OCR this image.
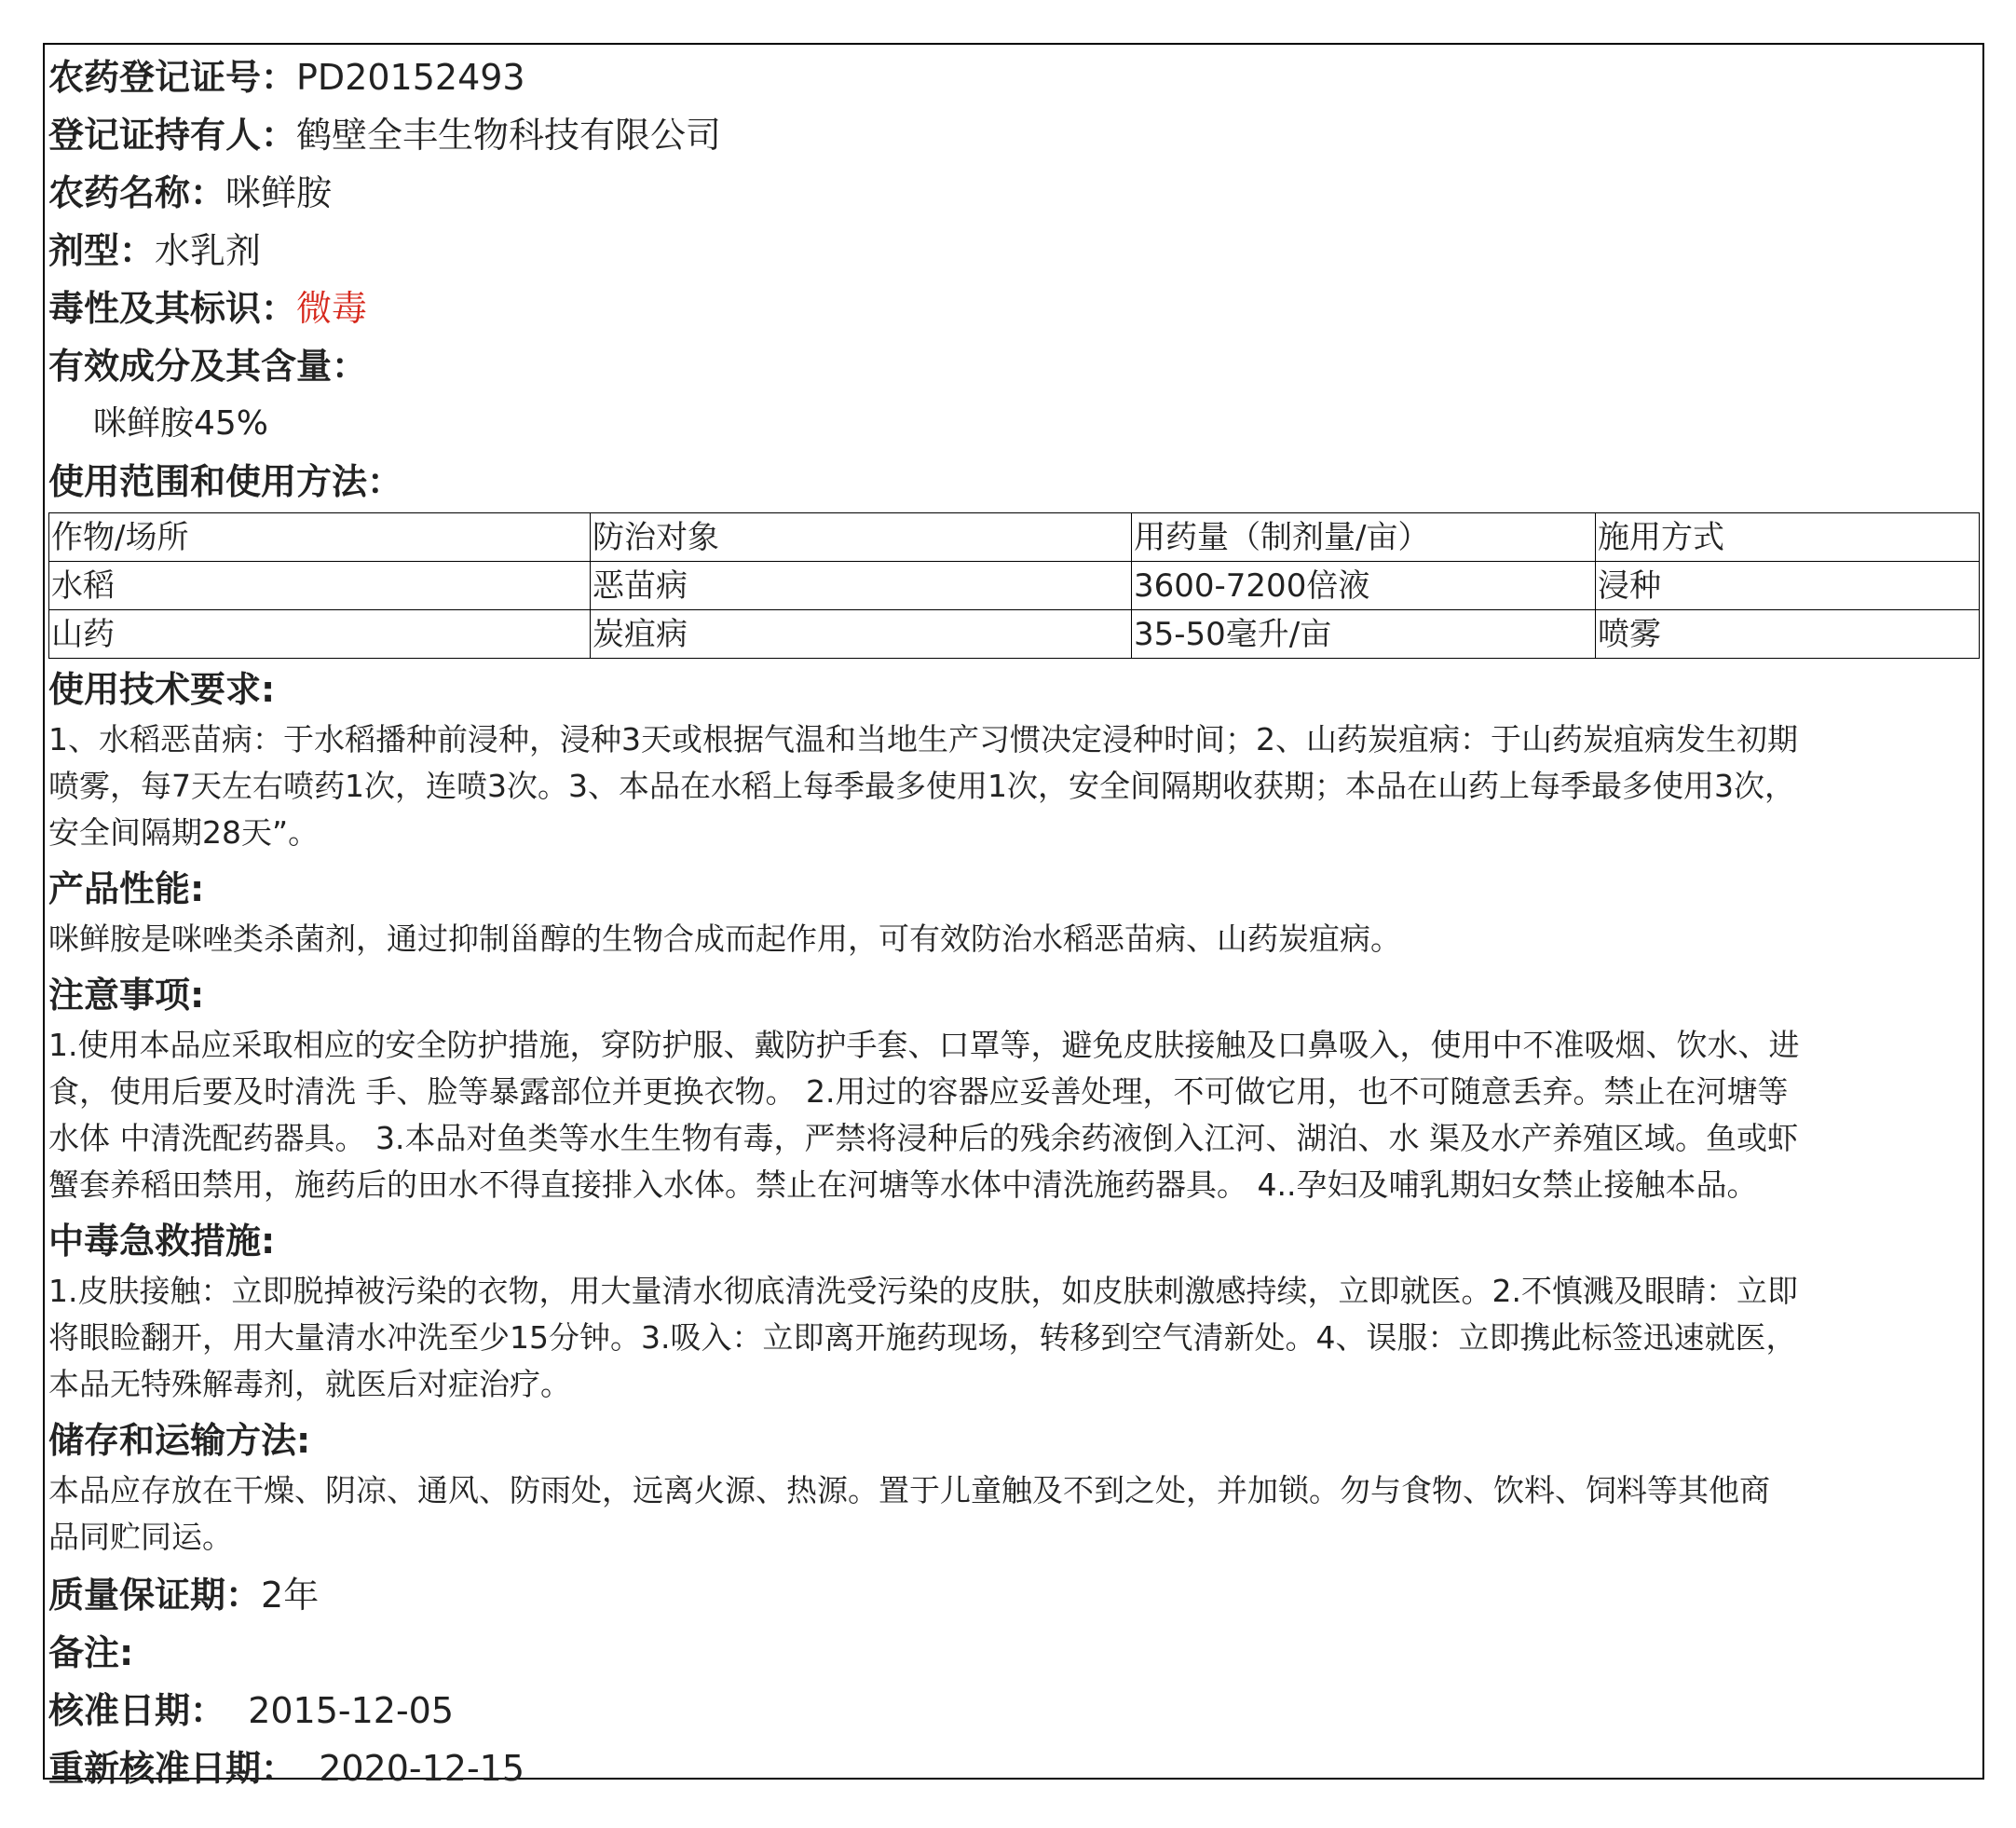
农药登记证号：PD20152493
登记证持有人：鹤壁全丰生物科技有限公司
农药名称：咪鲜胺
剂型：水乳剂
毒性及其标识：微毒
有效成分及其含量：
咪鲜胺45%
使用范围和使用方法：
作物/场所	防治对象	用药量（制剂量/亩）	施用方式
水稻	恶苗病	3600-7200倍液	浸种
山药	炭疽病	35-50毫升/亩	喷雾
使用技术要求:
1、水稻恶苗病：于水稻播种前浸种，浸种3天或根据气温和当地生产习惯决定浸种时间；2、山药炭疽病：于山药炭疽病发生初期
喷雾，每7天左右喷药1次，连喷3次。3、本品在水稻上每季最多使用1次，安全间隔期收获期；本品在山药上每季最多使用3次，
安全间隔期28天”。
产品性能:
咪鲜胺是咪唑类杀菌剂，通过抑制甾醇的生物合成而起作用，可有效防治水稻恶苗病、山药炭疽病。
注意事项:
1.使用本品应采取相应的安全防护措施，穿防护服、戴防护手套、口罩等，避免皮肤接触及口鼻吸入，使用中不准吸烟、饮水、进
食，使用后要及时清洗 手、脸等暴露部位并更换衣物。 2.用过的容器应妥善处理，不可做它用，也不可随意丢弃。禁止在河塘等
水体 中清洗配药器具。 3.本品对鱼类等水生生物有毒，严禁将浸种后的残余药液倒入江河、湖泊、水 渠及水产养殖区域。鱼或虾
蟹套养稻田禁用，施药后的田水不得直接排入水体。禁止在河塘等水体中清洗施药器具。 4..孕妇及哺乳期妇女禁止接触本品。
中毒急救措施:
1.皮肤接触：立即脱掉被污染的衣物，用大量清水彻底清洗受污染的皮肤，如皮肤刺激感持续，立即就医。2.不慎溅及眼睛：立即
将眼睑翻开，用大量清水冲洗至少15分钟。3.吸入：立即离开施药现场，转移到空气清新处。4、误服：立即携此标签迅速就医，
本品无特殊解毒剂，就医后对症治疗。
储存和运输方法:
本品应存放在干燥、阴凉、通风、防雨处，远离火源、热源。置于儿童触及不到之处，并加锁。勿与食物、饮料、饲料等其他商
品同贮同运。
质量保证期：2年
备注:
核准日期： 2015-12-05
重新核准日期： 2020-12-15
